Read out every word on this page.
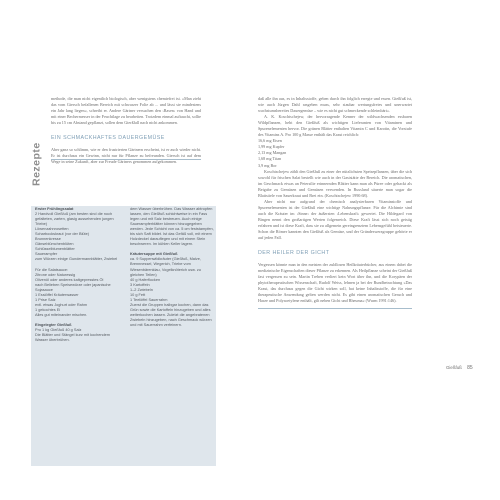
Rezepte

methode, die man nicht eigentlich biologisch, aber wenigstens chemiefrei ist. »Man zieht das vom Giersch befallenen Bereich mit schwarzer Folie ab ... und lässt sie mindestens ein Jahr lang liegen«, schreibt er. Andere Gärtner versuchen den ›Rasen‹ von Hand und mit einer Bechermesser in der Feuchtlage zu bearbeiten. Trotzdem einmal auftaucht, sollte bis zu 15 cm Abstand gepflanzt, sollen dem Gierßfall nach nicht ankommen.

EIN SCHMACKHAFTES DAUERGEMÜSE

Aber ganz so schlimm, wie er den frustrierten Gärtnern erscheint, ist er auch wieder nicht. Er ist durchaus ein Gewinn, nicht nur für Pflanze zu befreunden. Giersch ist auf dem Wege in seine Zukunft, aber zur Freude Gärtners genommen aufgekommen.

Erster Frühlingssalat

2 Handvoll Gießfuß (am besten sind die noch gefalteten, zarten, glasig aussehenden jungen Triebe)

Löwenzahnrosetten

Scharbockskraut (vor der Blüte)

Brunnenkresse

Gänseblümchenblüten

Schlüsselblumenblätter

Sauerampfer

zum Würzen einige Gundermannblätter, Zwiebel

Für die Salatsauce:

Zitrone oder Naturessig

Olivenöl oder anderes kaltgepresstes Öl

nach Belieben Speisewürze oder japanische Sojasauce

1 Esslöffel Kräuterwasser

1 Prise Salz

evtl. etwas Joghurt oder Rahm

1 gekochtes Ei

Alles gut miteinander mischen.

Eingelegter Gießfuß

Pro 1 kg Gießfuß 40 g Salz

Die Blätter und Stängel kurz mit kochendem Wasser überbrühen.

dem Wasser überbrühen. Das Wasser abtropfen lassen, den Gießfuß schichtweise in ein Fass legen und mit Salz bestreuen. Auch einige Sauerampferblätter können hinzugegeben werden. Jede Schicht von ca. 5 cm feststampfen, bis sich Saft bildet. Ist das Gefäß voll, mit einem Holzdeckel darauflegen und mit einem Stein beschweren. Im kühlen Keller lagern.

Kräutersuppe mit Gießfuß

ca. 9 Suppenwildkräuter (Gießfuß, Malve, Brennnessel, Wegerich, Triebe vom Wiesenbärenklau, Vogelknöterich usw. zu gleichen Teilen)

40 g Haferflocken

3 Kartoffeln

1–2 Zwiebeln

10 g Fett

1 Teelöffel Sauerrahm

Zuerst die Gruppen halbgar kochen, dann das Grün sowie die Kartoffeln hinzugeben und alles weiterkochen lassen. Zuletzt die angebratenen Zwiebeln hinzugeben, nach Geschmack würzen und mit Sauerrahm verfeinern.

daß alle ihn aus, es in Inhaltsstoffe, geben durch ihn folglich erregte und essen. Gießfuß ist, wie auch Jürgen Dahl rasgeben muss, sehr staubar wertungsfreies und unerwartet wachstumsbereites Dauergemüse – wie es nicht gut schmeckende schleimbärt«.

A. K. Koschtschejew, der hervorragende Kenner der wildwachsenden essbaren Wildpflanzen, hebt den Gießfuß als wichtigen Lieferanten von Vitaminen und Spurenelementen hervor. Die grünen Blätter enthalten Vitamin C und Karotin, die Vorstufe des Vitamins A. Pro 100 g Masse enthält das Kraut reichlich:

16,6 mg Eisen

1,99 mg Kupfer

2,13 mg Mangan

1,68 mg Titan

3,9 mg Bor

Koschtschejew zählt den Gießfuß zu einer der nützlichsten Speisepflanzen, über die sich sowohl für frischen Salat bestellt wie auch in der Gaststätte der Bereich. Die aromatischen, im Geschmack etwas an Petersilie erinnernden Blätter kann man als Püree oder gehackt als Beigabe zu Gemüsen und Gemüsen verwenden. In Russland säuerte man sogar die Blattstiele von Sauerkraut und Brei ein. (Koschtschejew 1990:68).

Aber nicht nur aufgrund der chemisch analysierbaren Vitaminstoffe und Spurenelementen ist der Gießfuß eine wichtige Nahrungspflanze. Für die Alchimie sind auch die Kräuter im ›Sinne‹ der äußersten ›Lebenskraft‹ gewertet. Die Hildegard von Bingen nennt den großartigen Werten folgenreich. Diese Kraft lässt sich noch geistig erfahren und ist diese Kraft, dass sie zu allgemein gereingrenztem Lebensgefühl beisteuerte. Schon die Römer kannten den Gießfuß als Gemüse, und der Gründeswerzgruppe gehörte er auf jeden Fall.

DER HEILER DER GICHT

Vergessen könnte man in den meisten der zuldlosen Heilkräuterbücher, aus einem dabei die medizinische Eigenschaften dieser Pflanze zu erkennen. Als Heilpflanze scheint der Gießfuß fast vergessen zu sein. Martin Treben verliert kein Wort über ihn, und die Korypäen der phytotherapeutischen Wissenschaft, Rudolf Weiss, lehnen ja bei der Rundbetrachtung »Das Kraut, das durchaus gegen die Gicht wirken soll, hat keine Inhaltsstoffe, die für eine therapeutische Anwendung gelten werden nicht. Es gibt einen aromatischen Geruch und Harze und Polyacetylene enthält, gilt neben Gicht und Rheuma« (Wurm 1991:146).

Gießfuß 85
